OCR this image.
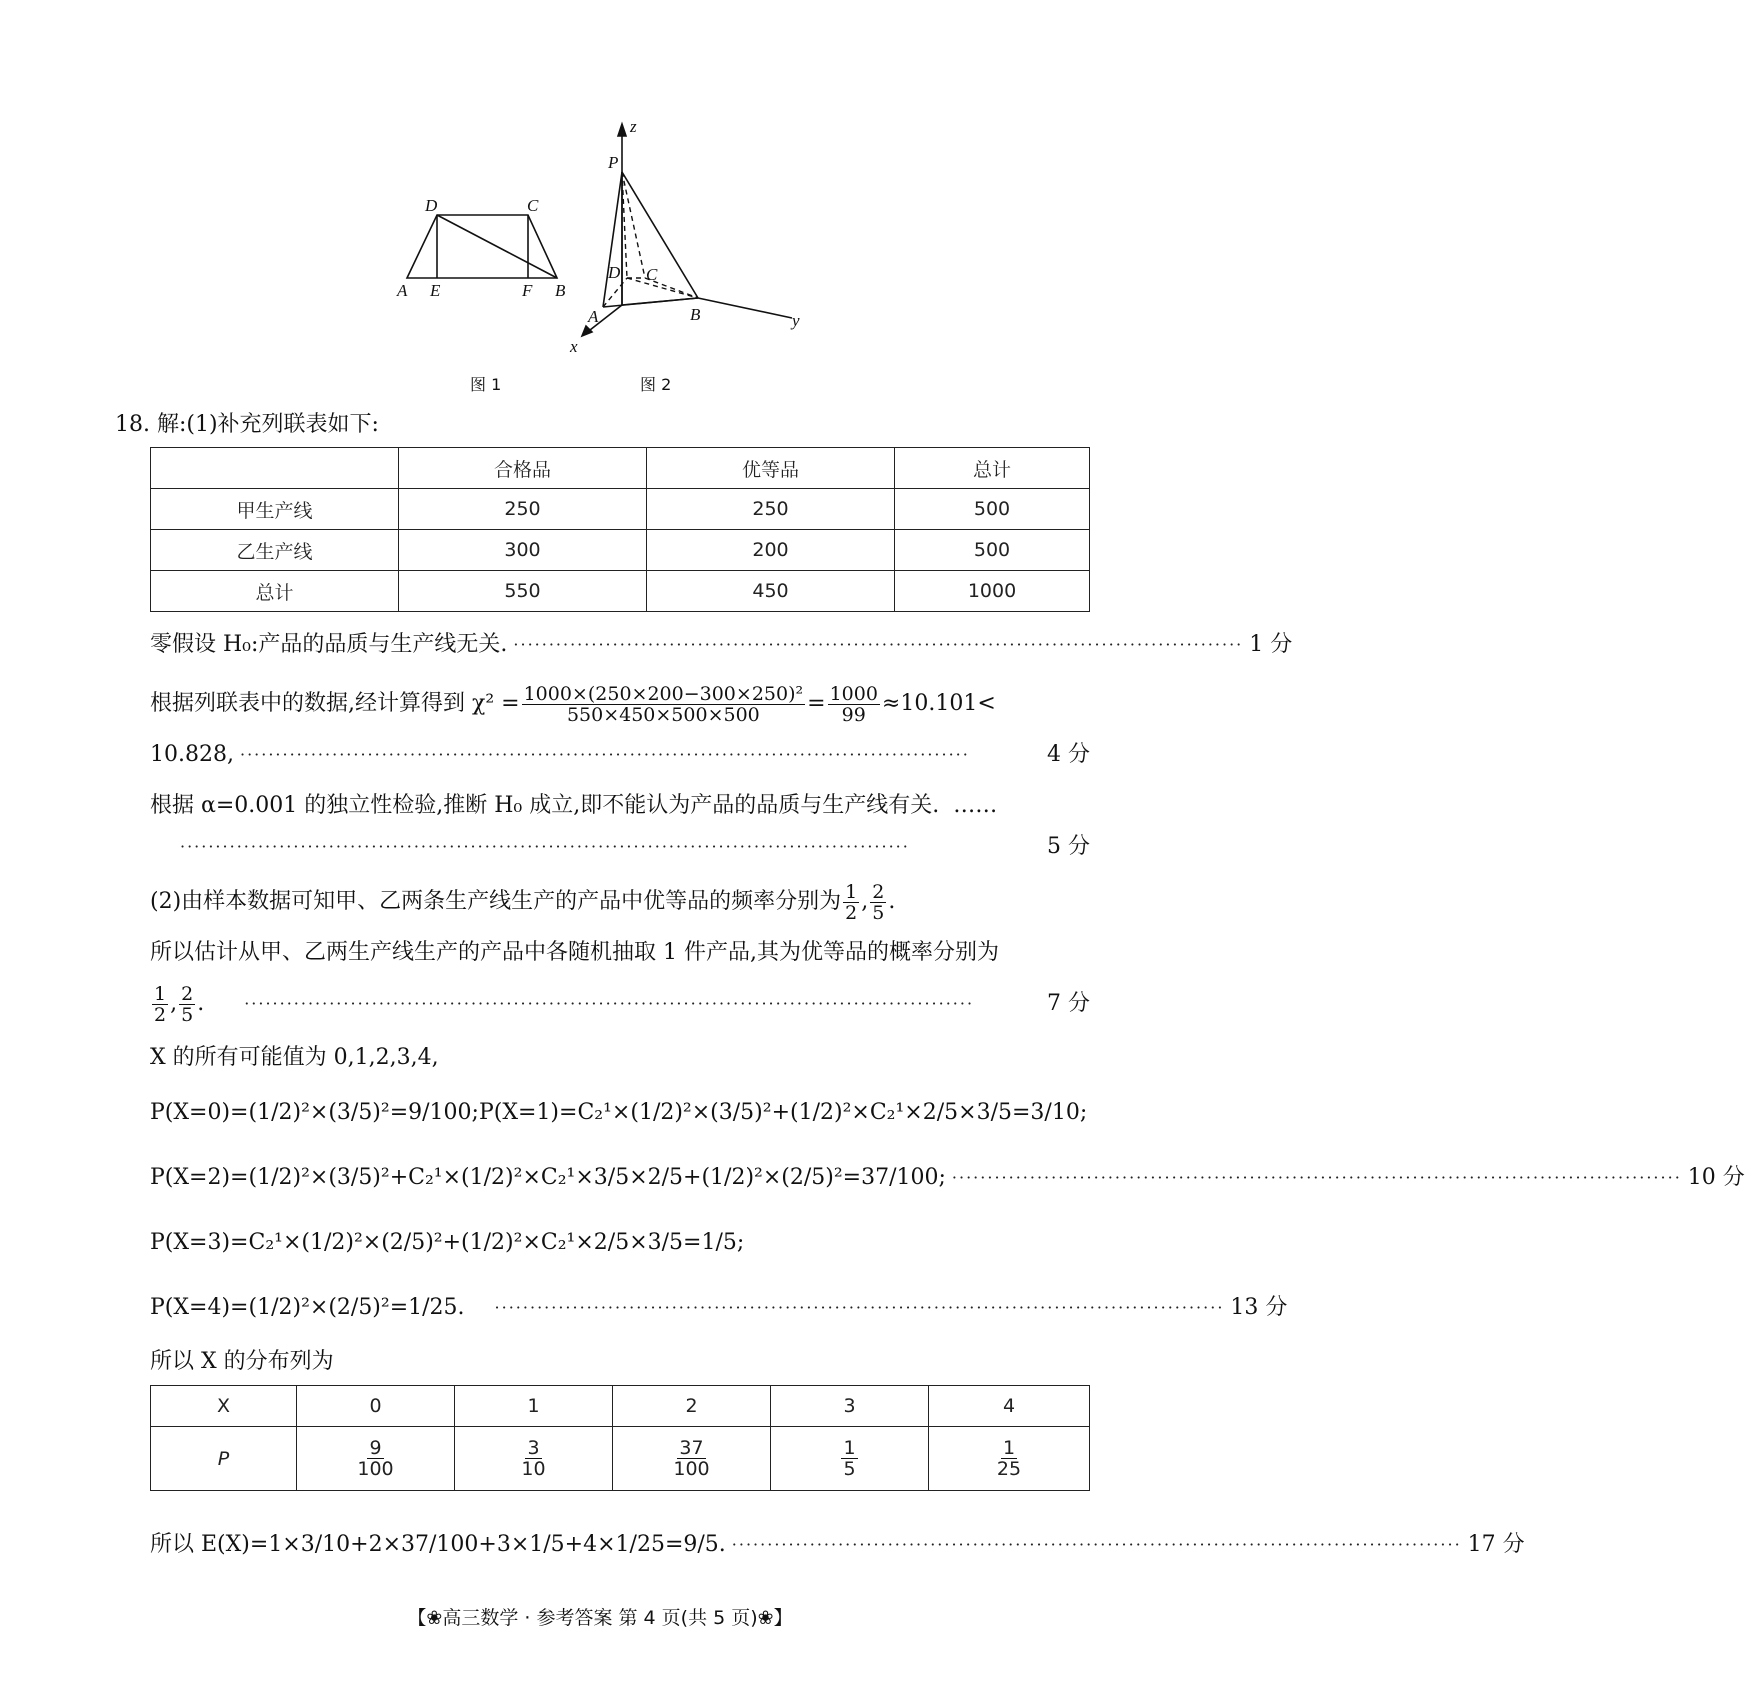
A E	F B
D	C
图 1
z
P
D C
A	B	y
x
图 2
18. 解:(1)补充列联表如下:
	合格品	优等品	总计
甲生产线	250	250	500
乙生产线	300	200	500
总计	550	450	1000
零假设 H₀:产品的品质与生产线无关. ······································································································· 1 分
根据列联表中的数据,经计算得到 $\chi^2 = \frac{\text{1000×(250×200−300×250)²}}{550\times 450\times 500\times 500} = \frac{1000}{99} \approx 10.101<$
10.828, ·······································································································	4 分
根据 α=0.001 的独立性检验,推断 H₀ 成立,即不能认为产品的品质与生产线有关. ……
·······································································································	5 分
(2)由样本数据可知甲、乙两条生产线生产的产品中优等品的频率分别为 $\frac{1}{2}$ , $\frac{2}{5}$ .
所以估计从甲、乙两生产线生产的产品中各随机抽取 1 件产品,其为优等品的概率分别为
$\frac{1}{2}$ , $\frac{2}{5}$ .	·······································································································	7 分
X 的所有可能值为 0,1,2,3,4,
P(X=0)=(1/2)²×(3/5)²=9/100;P(X=1)=C₂¹×(1/2)²×(3/5)²+(1/2)²×C₂¹×2/5×3/5=3/10;
P(X=2)=(1/2)²×(3/5)²+C₂¹×(1/2)²×C₂¹×3/5×2/5+(1/2)²×(2/5)²=37/100; ······································································································· 10 分
P(X=3)=C₂¹×(1/2)²×(2/5)²+(1/2)²×C₂¹×2/5×3/5=1/5;
P(X=4)=(1/2)²×(2/5)²=1/25. ······································································································· 13 分
所以 X 的分布列为
X	0	1	2	3	4
P	$\frac{9}{100}$	$\frac{3}{10}$	$\frac{37}{100}$	$\frac{1}{5}$	$\frac{1}{25}$
所以 E(X)=1×3/10+2×37/100+3×1/5+4×1/25=9/5. ······································································································· 17 分
【❀高三数学 · 参考答案 第 4 页(共 5 页)❀】
